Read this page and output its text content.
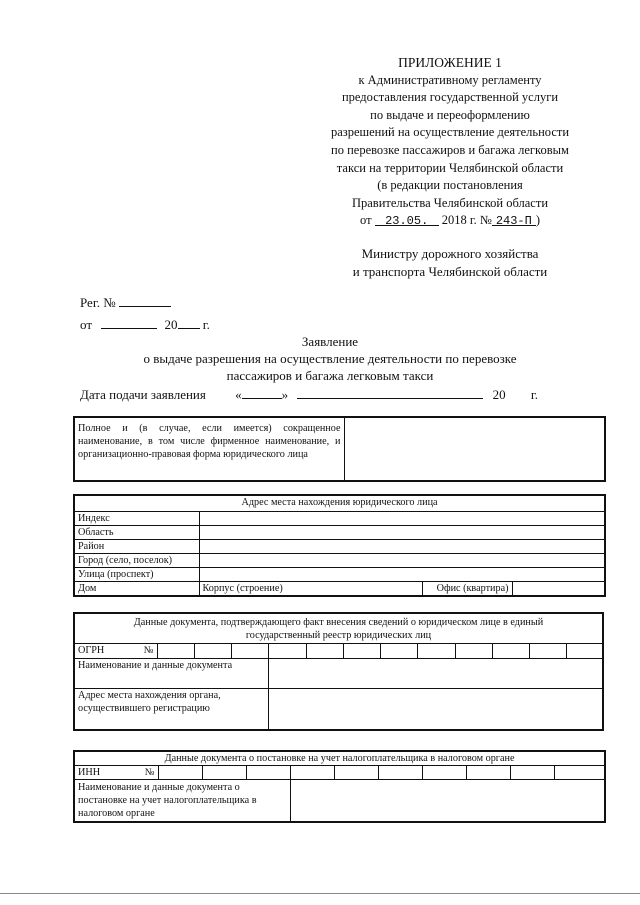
ПРИЛОЖЕНИЕ 1
к Административному регламенту
предоставления государственной услуги
по выдаче и переоформлению
разрешений на осуществление деятельности
по перевозке пассажиров и багажа легковым
такси на территории Челябинской области
(в редакции постановления
Правительства Челябинской области
от 23.05. 2018 г. № 243-П )
Министру дорожного хозяйства
и транспорта Челябинской области
Рег. №
от	20 г.
Заявление
о выдаче разрешения на осуществление деятельности по перевозке
пассажиров и багажа легковым такси
Дата подачи заявления «	»	20 г.
Полное и (в случае, если имеется) сокращенное наименование, в том числе фирменное наименование, и организационно-правовая форма юридического лица	
Адрес места нахождения юридического лица			
Индекс			
Область			
Район			
Город (село, поселок)			
Улица (проспект)			
Дом	Корпус (строение)	Офис (квартира)	
Данные документа, подтверждающего факт внесения сведений о юридическом лице в единый
государственный реестр юридических лиц													

ОГРН	№												
Наименование и данные документа													
Адрес места нахождения органа, осуществившего регистрацию													
Данные документа о постановке на учет налогоплательщика в налоговом органе											
ИНН	№										
Наименование и данные документа о постановке на учет налогоплательщика в налоговом органе											
